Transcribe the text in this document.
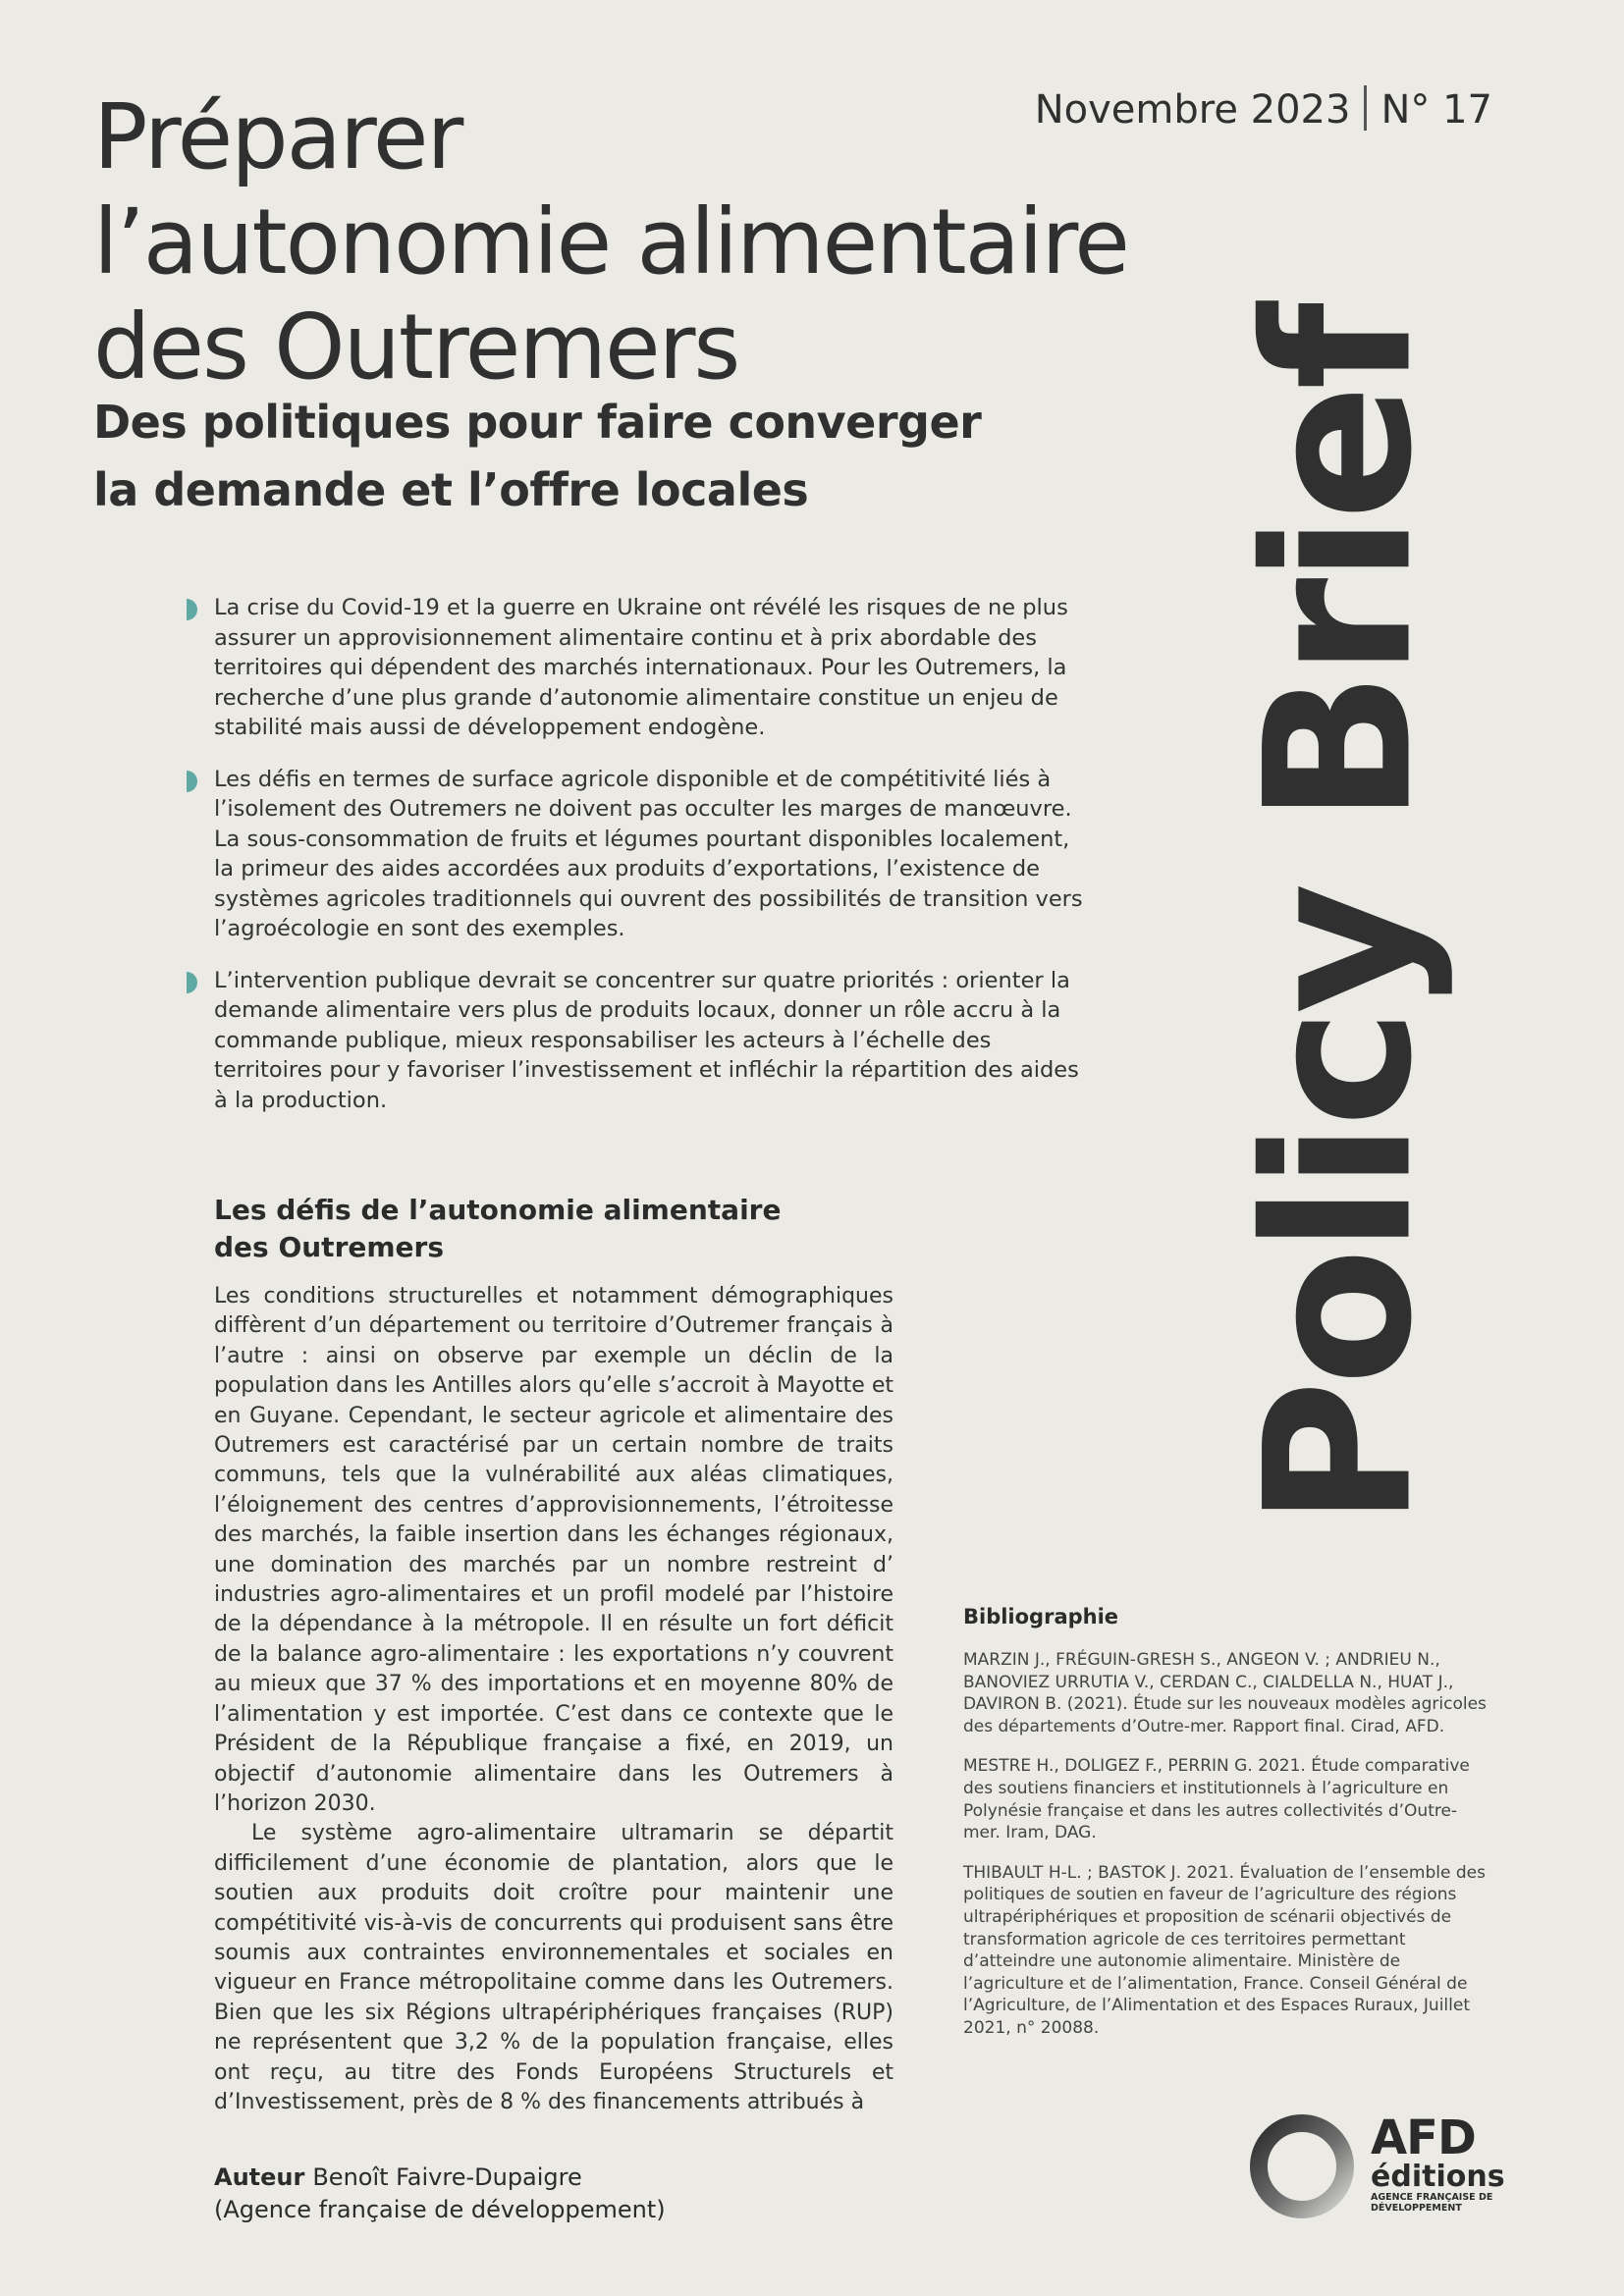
Préparer
l’autonomie alimentaire
des Outremers
Novembre 2023 N° 17
Des politiques pour faire converger
la demande et l’offre locales	Policy Brief
La crise du Covid-19 et la guerre en Ukraine ont révélé les risques de ne plus assurer un approvisionnement alimentaire continu et à prix abordable des territoires qui dépendent des marchés internationaux. Pour les Outremers, la recherche d’une plus grande d’autonomie alimentaire constitue un enjeu de stabilité mais aussi de développement endogène.
Les défis en termes de surface agricole disponible et de compétitivité liés à l’isolement des Outremers ne doivent pas occulter les marges de manœuvre. La sous-consommation de fruits et légumes pourtant disponibles localement, la primeur des aides accordées aux produits d’exportations, l’existence de systèmes agricoles traditionnels qui ouvrent des possibilités de transition vers l’agroécologie en sont des exemples.
L’intervention publique devrait se concentrer sur quatre priorités : orienter la demande alimentaire vers plus de produits locaux, donner un rôle accru à la commande publique, mieux responsabiliser les acteurs à l’échelle des territoires pour y favoriser l’investissement et infléchir la répartition des aides à la production.
Les défis de l’autonomie alimentaire
des Outremers

Les conditions structurelles et notamment démographiques diffèrent d’un département ou territoire d’Outremer français à l’autre : ainsi on observe par exemple un déclin de la population dans les Antilles alors qu’elle s’accroit à Mayotte et en Guyane. Cependant, le secteur agricole et alimentaire des Outremers est caractérisé par un certain nombre de traits communs, tels que la vulnérabilité aux aléas climatiques, l’éloignement des centres d’approvisionnements, l’étroitesse des marchés, la faible insertion dans les échanges régionaux, une domination des marchés par un nombre restreint d’ industries agro-alimentaires et un profil modelé par l’histoire de la dépendance à la métropole. Il en résulte un fort déficit de la balance agro-alimentaire : les exportations n’y couvrent au mieux que 37 % des importations et en moyenne 80% de l’alimentation y est importée. C’est dans ce contexte que le Président de la République française a fixé, en 2019, un objectif d’autonomie alimentaire dans les Outremers à l’horizon 2030.

Le système agro-alimentaire ultramarin se départit difficilement d’une économie de plantation, alors que le soutien aux produits doit croître pour maintenir une compétitivité vis-à-vis de concurrents qui produisent sans être soumis aux contraintes environnementales et sociales en vigueur en France métropolitaine comme dans les Outremers. Bien que les six Régions ultrapériphériques françaises (RUP) ne représentent que 3,2 % de la population française, elles ont reçu, au titre des Fonds Européens Structurels et d’Investissement, près de 8 % des financements attribués à

Bibliographie

MARZIN J., FRÉGUIN-GRESH S., ANGEON V. ; ANDRIEU N., BANOVIEZ URRUTIA V., CERDAN C., CIALDELLA N., HUAT J., DAVIRON B. (2021). Étude sur les nouveaux modèles agricoles des départements d’Outre-mer. Rapport final. Cirad, AFD.

MESTRE H., DOLIGEZ F., PERRIN G. 2021. Étude comparative des soutiens financiers et institutionnels à l’agriculture en Polynésie française et dans les autres collectivités d’Outre-mer. Iram, DAG.

THIBAULT H-L. ; BASTOK J. 2021. Évaluation de l’ensemble des politiques de soutien en faveur de l’agriculture des régions ultrapériphériques et proposition de scénarii objectivés de transformation agricole de ces territoires permettant d’atteindre une autonomie alimentaire. Ministère de l’agriculture et de l’alimentation, France. Conseil Général de l’Agriculture, de l’Alimentation et des Espaces Ruraux, Juillet 2021, n° 20088.

Auteur Benoît Faivre-Dupaigre
(Agence française de développement)
AFD
éditions
AGENCE FRANÇAISE DE DÉVELOPPEMENT
